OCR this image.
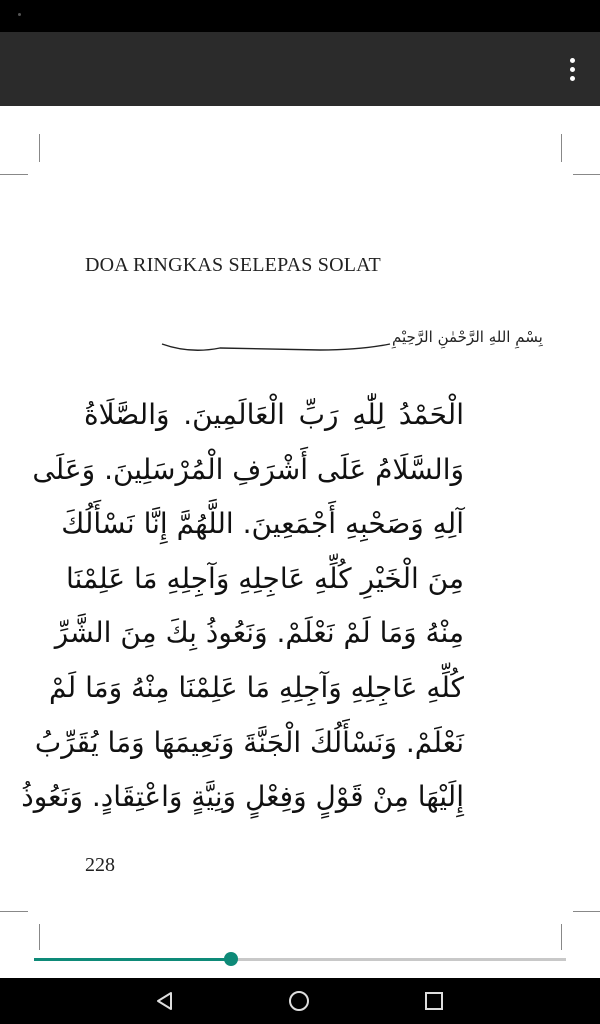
DOA RINGKAS SELEPAS SOLAT
بِسْمِ اللهِ الرَّحْمٰنِ الرَّحِيْمِ
الْحَمْدُ لِلّٰهِ رَبِّ الْعَالَمِينَ. وَالصَّلَاةُ
وَالسَّلَامُ عَلَى أَشْرَفِ الْمُرْسَلِينَ. وَعَلَى
آلِهِ وَصَحْبِهِ أَجْمَعِينَ. اللَّهُمَّ إِنَّا نَسْأَلُكَ
مِنَ الْخَيْرِ كُلِّهِ عَاجِلِهِ وَآجِلِهِ مَا عَلِمْنَا
مِنْهُ وَمَا لَمْ نَعْلَمْ. وَنَعُوذُ بِكَ مِنَ الشَّرِّ
كُلِّهِ عَاجِلِهِ وَآجِلِهِ مَا عَلِمْنَا مِنْهُ وَمَا لَمْ
نَعْلَمْ. وَنَسْأَلُكَ الْجَنَّةَ وَنَعِيمَهَا وَمَا يُقَرِّبُ
إِلَيْهَا مِنْ قَوْلٍ وَفِعْلٍ وَنِيَّةٍ وَاعْتِقَادٍ. وَنَعُوذُ
228
